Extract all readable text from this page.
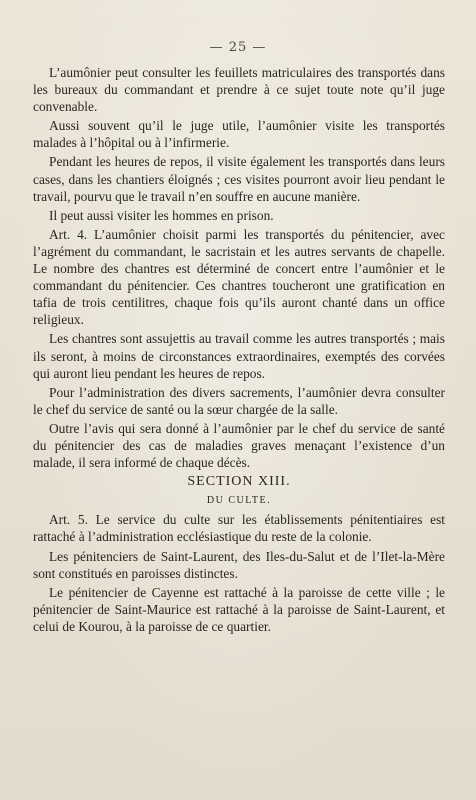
— 25 —

L’aumônier peut consulter les feuillets matriculaires des transportés dans les bureaux du commandant et prendre à ce sujet toute note qu’il juge convenable.

Aussi souvent qu’il le juge utile, l’aumônier visite les transportés malades à l’hôpital ou à l’infirmerie.

Pendant les heures de repos, il visite également les transportés dans leurs cases, dans les chantiers éloignés ; ces visites pourront avoir lieu pendant le travail, pourvu que le travail n’en souffre en aucune manière.

Il peut aussi visiter les hommes en prison.

Art. 4. L’aumônier choisit parmi les transportés du pénitencier, avec l’agrément du commandant, le sacristain et les autres servants de chapelle. Le nombre des chantres est déterminé de concert entre l’aumônier et le commandant du pénitencier. Ces chantres toucheront une gratification en tafia de trois centilitres, chaque fois qu’ils auront chanté dans un office religieux.

Les chantres sont assujettis au travail comme les autres transportés ; mais ils seront, à moins de circonstances extraordinaires, exemptés des corvées qui auront lieu pendant les heures de repos.

Pour l’administration des divers sacrements, l’aumônier devra consulter le chef du service de santé ou la sœur chargée de la salle.

Outre l’avis qui sera donné à l’aumônier par le chef du service de santé du pénitencier des cas de maladies graves menaçant l’existence d’un malade, il sera informé de chaque décès.

SECTION XIII.

DU CULTE.

Art. 5. Le service du culte sur les établissements pénitentiaires est rattaché à l’administration ecclésiastique du reste de la colonie.

Les pénitenciers de Saint-Laurent, des Iles-du-Salut et de l’Ilet-la-Mère sont constitués en paroisses distinctes.

Le pénitencier de Cayenne est rattaché à la paroisse de cette ville ; le pénitencier de Saint-Maurice est rattaché à la paroisse de Saint-Laurent, et celui de Kourou, à la paroisse de ce quartier.
